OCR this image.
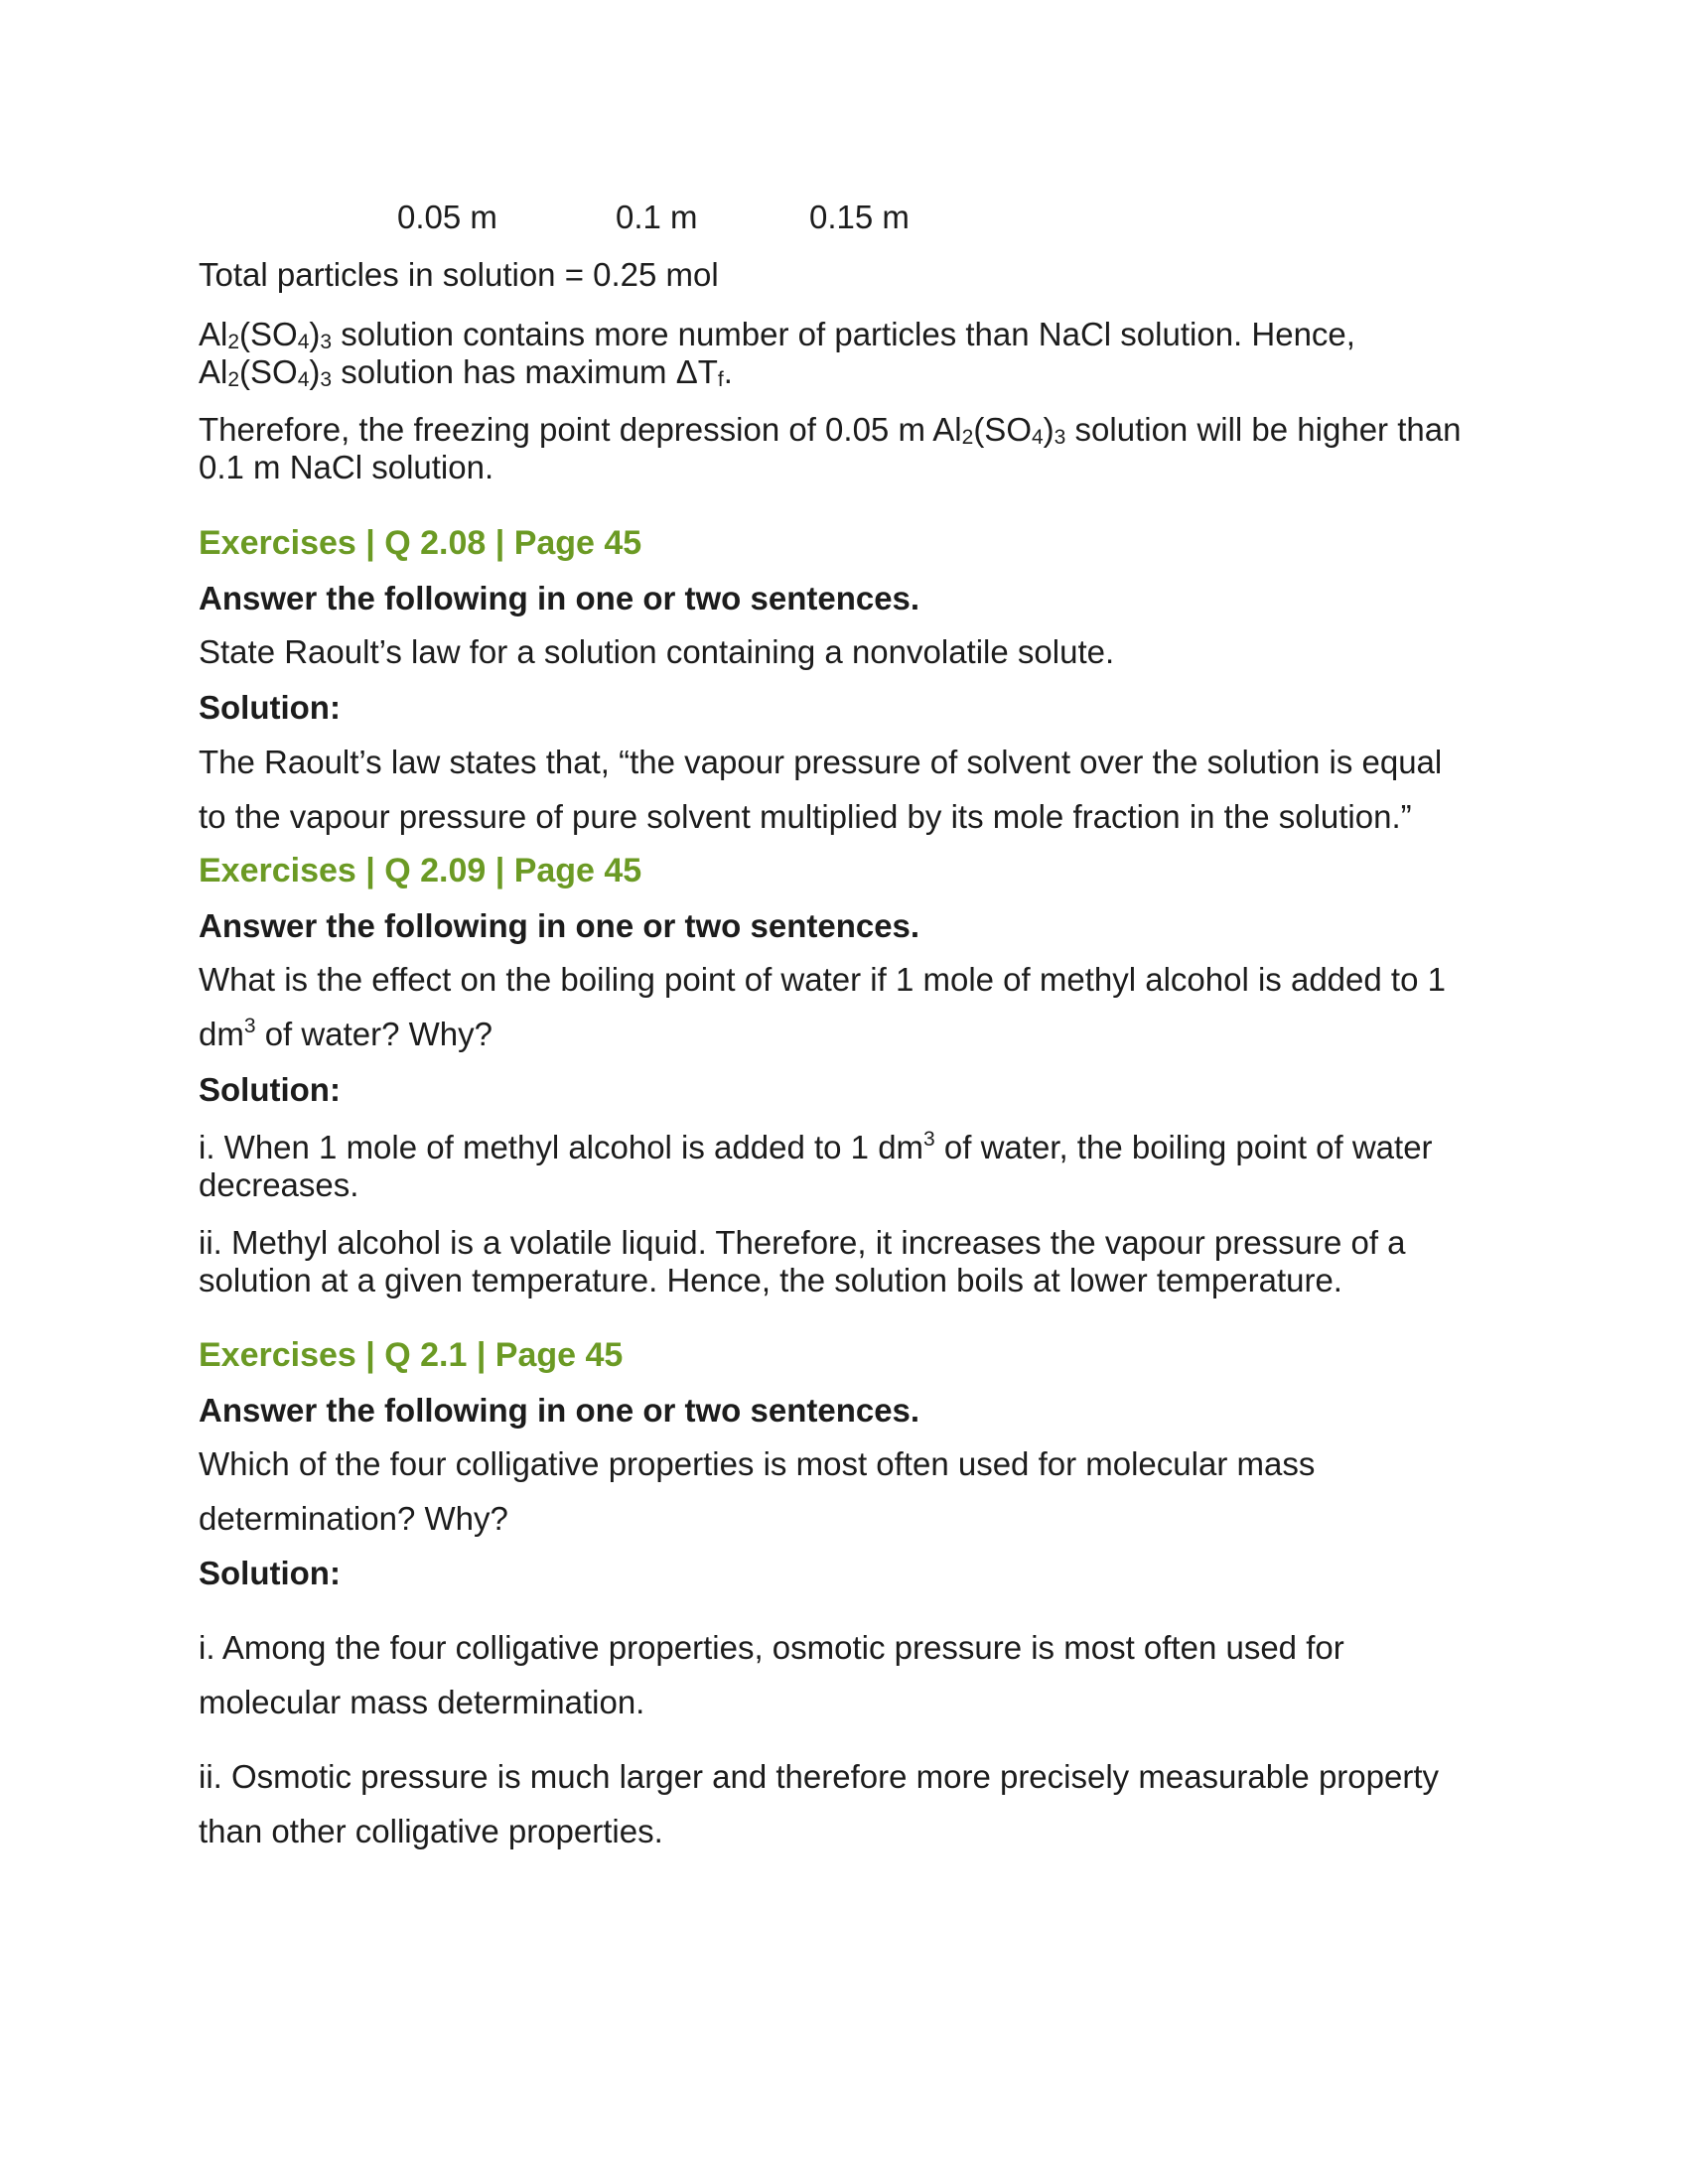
0.05 m	0.1 m	0.15 m

Total particles in solution = 0.25 mol

$Al_2(SO_4)_3$ solution contains more number of particles than NaCl solution. Hence,

$Al_2(SO_4)_3$ solution has maximum $\Delta T_f$.

Therefore, the freezing point depression of 0.05 m $Al_2(SO_4)_3$ solution will be higher than

0.1 m NaCl solution.

Exercises | Q 2.08 | Page 45

Answer the following in one or two sentences.

State Raoult’s law for a solution containing a nonvolatile solute.

Solution:

The Raoult’s law states that, “the vapour pressure of solvent over the solution is equal

to the vapour pressure of pure solvent multiplied by its mole fraction in the solution.”

Exercises | Q 2.09 | Page 45

Answer the following in one or two sentences.

What is the effect on the boiling point of water if 1 mole of methyl alcohol is added to 1

$dm^3$ of water? Why?

Solution:

i. When 1 mole of methyl alcohol is added to 1 $dm^3$ of water, the boiling point of water

decreases.

ii. Methyl alcohol is a volatile liquid. Therefore, it increases the vapour pressure of a

solution at a given temperature. Hence, the solution boils at lower temperature.

Exercises | Q 2.1 | Page 45

Answer the following in one or two sentences.

Which of the four colligative properties is most often used for molecular mass

determination? Why?

Solution:

i. Among the four colligative properties, osmotic pressure is most often used for

molecular mass determination.

ii. Osmotic pressure is much larger and therefore more precisely measurable property

than other colligative properties.
